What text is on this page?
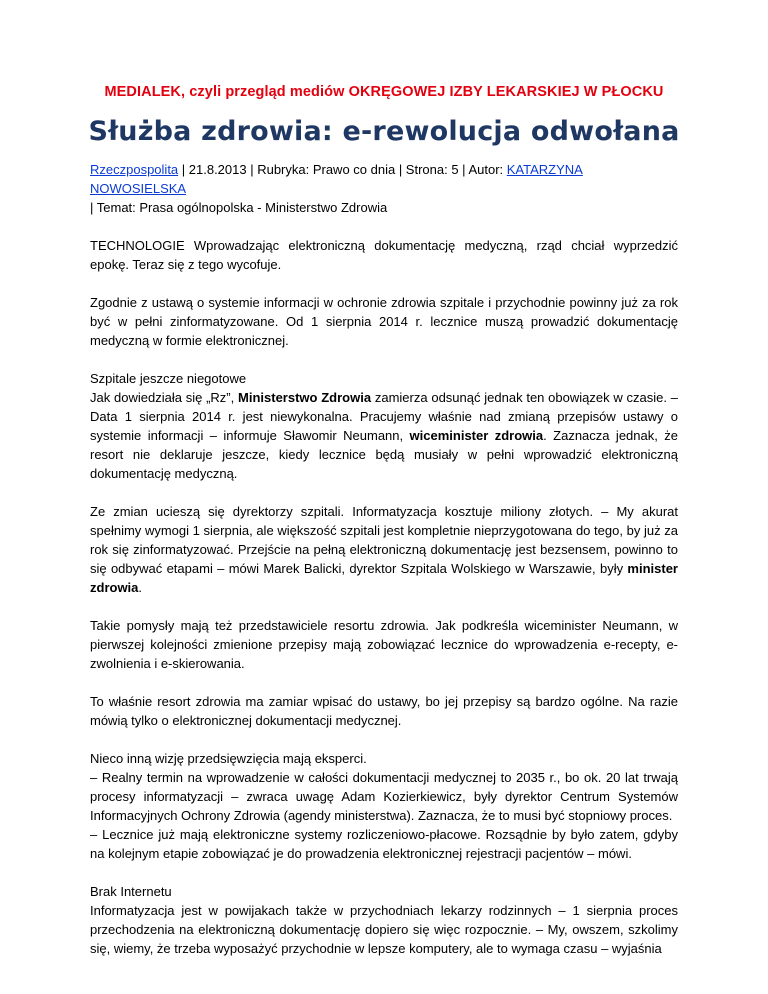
MEDIALEK, czyli przegląd mediów OKRĘGOWEJ IZBY LEKARSKIEJ W PŁOCKU
Służba zdrowia: e-rewolucja odwołana
Rzeczpospolita | 21.8.2013 | Rubryka: Prawo co dnia | Strona: 5 | Autor: KATARZYNA NOWOSIELSKA
| Temat: Prasa ogólnopolska - Ministerstwo Zdrowia

TECHNOLOGIE Wprowadzając elektroniczną dokumentację medyczną, rząd chciał wyprzedzić epokę. Teraz się z tego wycofuje.

Zgodnie z ustawą o systemie informacji w ochronie zdrowia szpitale i przychodnie powinny już za rok być w pełni zinformatyzowane. Od 1 sierpnia 2014 r. lecznice muszą prowadzić dokumentację medyczną w formie elektronicznej.

Szpitale jeszcze niegotowe
Jak dowiedziała się „Rz”, Ministerstwo Zdrowia zamierza odsunąć jednak ten obowiązek w czasie. – Data 1 sierpnia 2014 r. jest niewykonalna. Pracujemy właśnie nad zmianą przepisów ustawy o systemie informacji – informuje Sławomir Neumann, wiceminister zdrowia. Zaznacza jednak, że resort nie deklaruje jeszcze, kiedy lecznice będą musiały w pełni wprowadzić elektroniczną dokumentację medyczną.

Ze zmian ucieszą się dyrektorzy szpitali. Informatyzacja kosztuje miliony złotych. – My akurat spełnimy wymogi 1 sierpnia, ale większość szpitali jest kompletnie nieprzygotowana do tego, by już za rok się zinformatyzować. Przejście na pełną elektroniczną dokumentację jest bezsensem, powinno to się odbywać etapami – mówi Marek Balicki, dyrektor Szpitala Wolskiego w Warszawie, były minister zdrowia.

Takie pomysły mają też przedstawiciele resortu zdrowia. Jak podkreśla wiceminister Neumann, w pierwszej kolejności zmienione przepisy mają zobowiązać lecznice do wprowadzenia e-recepty, e-zwolnienia i e-skierowania.

To właśnie resort zdrowia ma zamiar wpisać do ustawy, bo jej przepisy są bardzo ogólne. Na razie mówią tylko o elektronicznej dokumentacji medycznej.

Nieco inną wizję przedsięwzięcia mają eksperci.
– Realny termin na wprowadzenie w całości dokumentacji medycznej to 2035 r., bo ok. 20 lat trwają procesy informatyzacji – zwraca uwagę Adam Kozierkiewicz, były dyrektor Centrum Systemów Informacyjnych Ochrony Zdrowia (agendy ministerstwa). Zaznacza, że to musi być stopniowy proces.
– Lecznice już mają elektroniczne systemy rozliczeniowo-płacowe. Rozsądnie by było zatem, gdyby na kolejnym etapie zobowiązać je do prowadzenia elektronicznej rejestracji pacjentów – mówi.

Brak Internetu
Informatyzacja jest w powijakach także w przychodniach lekarzy rodzinnych – 1 sierpnia proces przechodzenia na elektroniczną dokumentację dopiero się więc rozpocznie. – My, owszem, szkolimy się, wiemy, że trzeba wyposażyć przychodnie w lepsze komputery, ale to wymaga czasu – wyjaśnia
